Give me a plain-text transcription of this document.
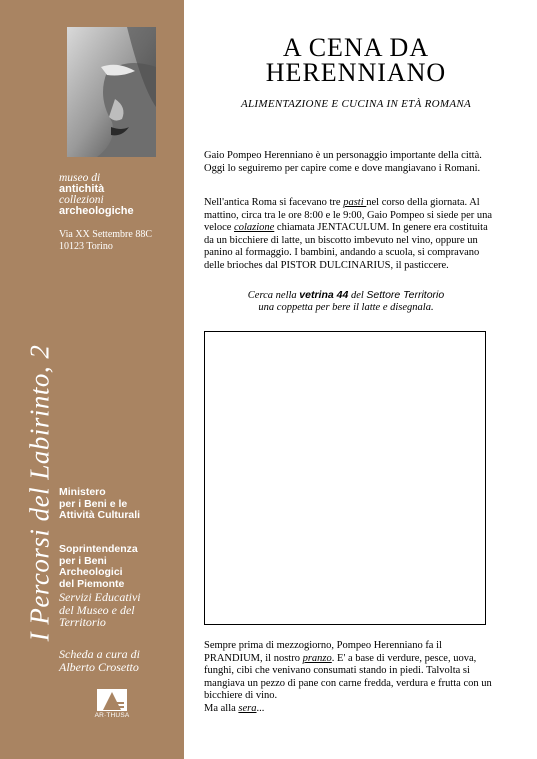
museo di
antichità
collezioni
archeologiche
Via XX Settembre 88C
10123 Torino
I Percorsi del Labirinto, 2 Ministero
per i Beni e le
Attività Culturali
Soprintendenza
per i Beni
Archeologici
del Piemonte
Servizi Educativi
del Museo e del
Territorio
Scheda a cura di
Alberto Crosetto
AR·THUSA
A CENA DA
HERENNIANO
ALIMENTAZIONE E CUCINA IN ETÀ ROMANA
Gaio Pompeo Herenniano è un personaggio importante della città. Oggi lo seguiremo per capire come e dove mangiavano i Romani.
Nell'antica Roma si facevano tre pasti nel corso della giornata. Al mattino, circa tra le ore 8:00 e le 9:00, Gaio Pompeo si siede per una veloce colazione chiamata JENTACULUM. In genere era costituita da un bicchiere di latte, un biscotto imbevuto nel vino, oppure un panino al formaggio. I bambini, andando a scuola, si compravano delle brioches dal PISTOR DULCINARIUS, il pasticcere.
Cerca nella vetrina 44 del Settore Territorio
una coppetta per bere il latte e disegnala.
Sempre prima di mezzogiorno, Pompeo Herenniano fa il PRANDIUM, il nostro pranzo. E' a base di verdure, pesce, uova, funghi, cibi che venivano consumati stando in piedi. Talvolta si mangiava un pezzo di pane con carne fredda, verdura e frutta con un bicchiere di vino.
Ma alla sera...
